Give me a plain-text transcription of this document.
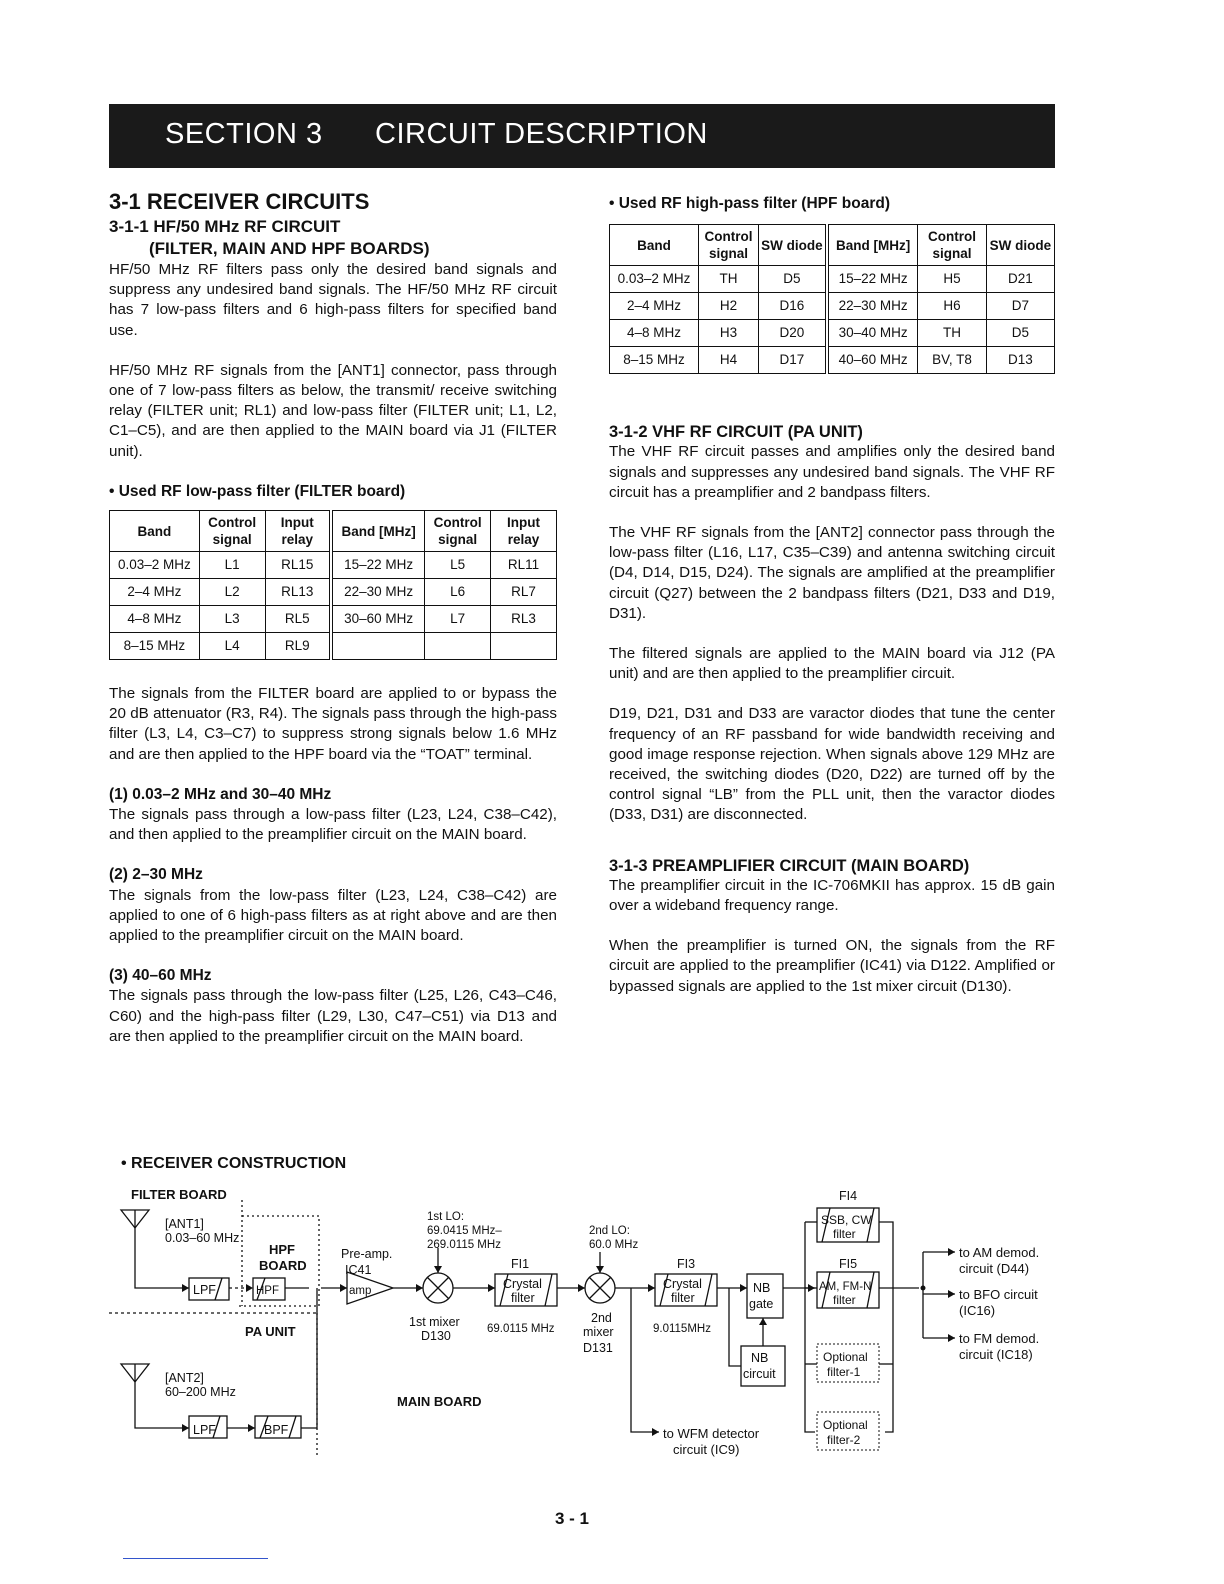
SECTION 3 CIRCUIT DESCRIPTION
3-1 RECEIVER CIRCUITS
3-1-1 HF/50 MHz RF CIRCUIT
(FILTER, MAIN AND HPF BOARDS)

HF/50 MHz RF filters pass only the desired band signals and suppress any undesired band signals. The HF/50 MHz RF circuit has 7 low-pass filters and 6 high-pass filters for specified band use.

HF/50 MHz RF signals from the [ANT1] connector, pass through one of 7 low-pass filters as below, the transmit/ receive switching relay (FILTER unit; RL1) and low-pass filter (FILTER unit; L1, L2, C1–C5), and are then applied to the MAIN board via J1 (FILTER unit).

• Used RF low-pass filter (FILTER board)
Band	Control signal	Input relay	Band [MHz]	Control signal	Input relay
0.03–2 MHz	L1	RL15	15–22 MHz	L5	RL11
2–4 MHz	L2	RL13	22–30 MHz	L6	RL7
4–8 MHz	L3	RL5	30–60 MHz	L7	RL3
8–15 MHz	L4	RL9			

The signals from the FILTER board are applied to or bypass the 20 dB attenuator (R3, R4). The signals pass through the high-pass filter (L3, L4, C3–C7) to suppress strong signals below 1.6 MHz and are then applied to the HPF board via the “TOAT” terminal.

(1) 0.03–2 MHz and 30–40 MHz

The signals pass through a low-pass filter (L23, L24, C38–C42), and then applied to the preamplifier circuit on the MAIN board.

(2) 2–30 MHz

The signals from the low-pass filter (L23, L24, C38–C42) are applied to one of 6 high-pass filters as at right above and are then applied to the preamplifier circuit on the MAIN board.

(3) 40–60 MHz

The signals pass through the low-pass filter (L25, L26, C43–C46, C60) and the high-pass filter (L29, L30, C47–C51) via D13 and are then applied to the preamplifier circuit on the MAIN board.

• Used RF high-pass filter (HPF board)
Band	Control signal	SW diode	Band [MHz]	Control signal	SW diode
0.03–2 MHz	TH	D5	15–22 MHz	H5	D21
2–4 MHz	H2	D16	22–30 MHz	H6	D7
4–8 MHz	H3	D20	30–40 MHz	TH	D5
8–15 MHz	H4	D17	40–60 MHz	BV, T8	D13
3-1-2 VHF RF CIRCUIT (PA UNIT)

The VHF RF circuit passes and amplifies only the desired band signals and suppresses any undesired band signals. The VHF RF circuit has a preamplifier and 2 bandpass filters.

The VHF RF signals from the [ANT2] connector pass through the low-pass filter (L16, L17, C35–C39) and antenna switching circuit (D4, D14, D15, D24). The signals are amplified at the preamplifier circuit (Q27) between the 2 bandpass filters (D21, D33 and D19, D31).

The filtered signals are applied to the MAIN board via J12 (PA unit) and are then applied to the preamplifier circuit.

D19, D21, D31 and D33 are varactor diodes that tune the center frequency of an RF passband for wide bandwidth receiving and good image response rejection. When signals above 129 MHz are received, the switching diodes (D20, D22) are turned off by the control signal “LB” from the PLL unit, then the varactor diodes (D33, D31) are disconnected.

3-1-3 PREAMPLIFIER CIRCUIT (MAIN BOARD)

The preamplifier circuit in the IC-706MKII has approx. 15 dB gain over a wideband frequency range.

When the preamplifier is turned ON, the signals from the RF circuit are applied to the preamplifier (IC41) via D122. Amplified or bypassed signals are applied to the 1st mixer circuit (D130).

• RECEIVER CONSTRUCTION
FILTER BOARD
[ANT1]
0.03–60 MHz
HPF
BOARD
LPF	HPF
PA UNIT
[ANT2]
60–200 MHz
LPF	BPF
Pre-amp.
IC41
amp
1st LO:
69.0415 MHz–
269.0115 MHz
1st mixer
D130
FI1
Crystal
filter
69.0115 MHz
2nd LO:
60.0 MHz
2nd
mixer
D131
FI3
Crystal
filter
9.0115MHz
NB
gate
NB
circuit
FI4
SSB, CW
filter
FI5
AM, FM-N
filter
Optional
filter-1
Optional
filter-2
to WFM detector
circuit (IC9)
MAIN BOARD
to AM demod.
circuit (D44)
to BFO circuit
(IC16)
to FM demod.
circuit (IC18)
3 - 1
